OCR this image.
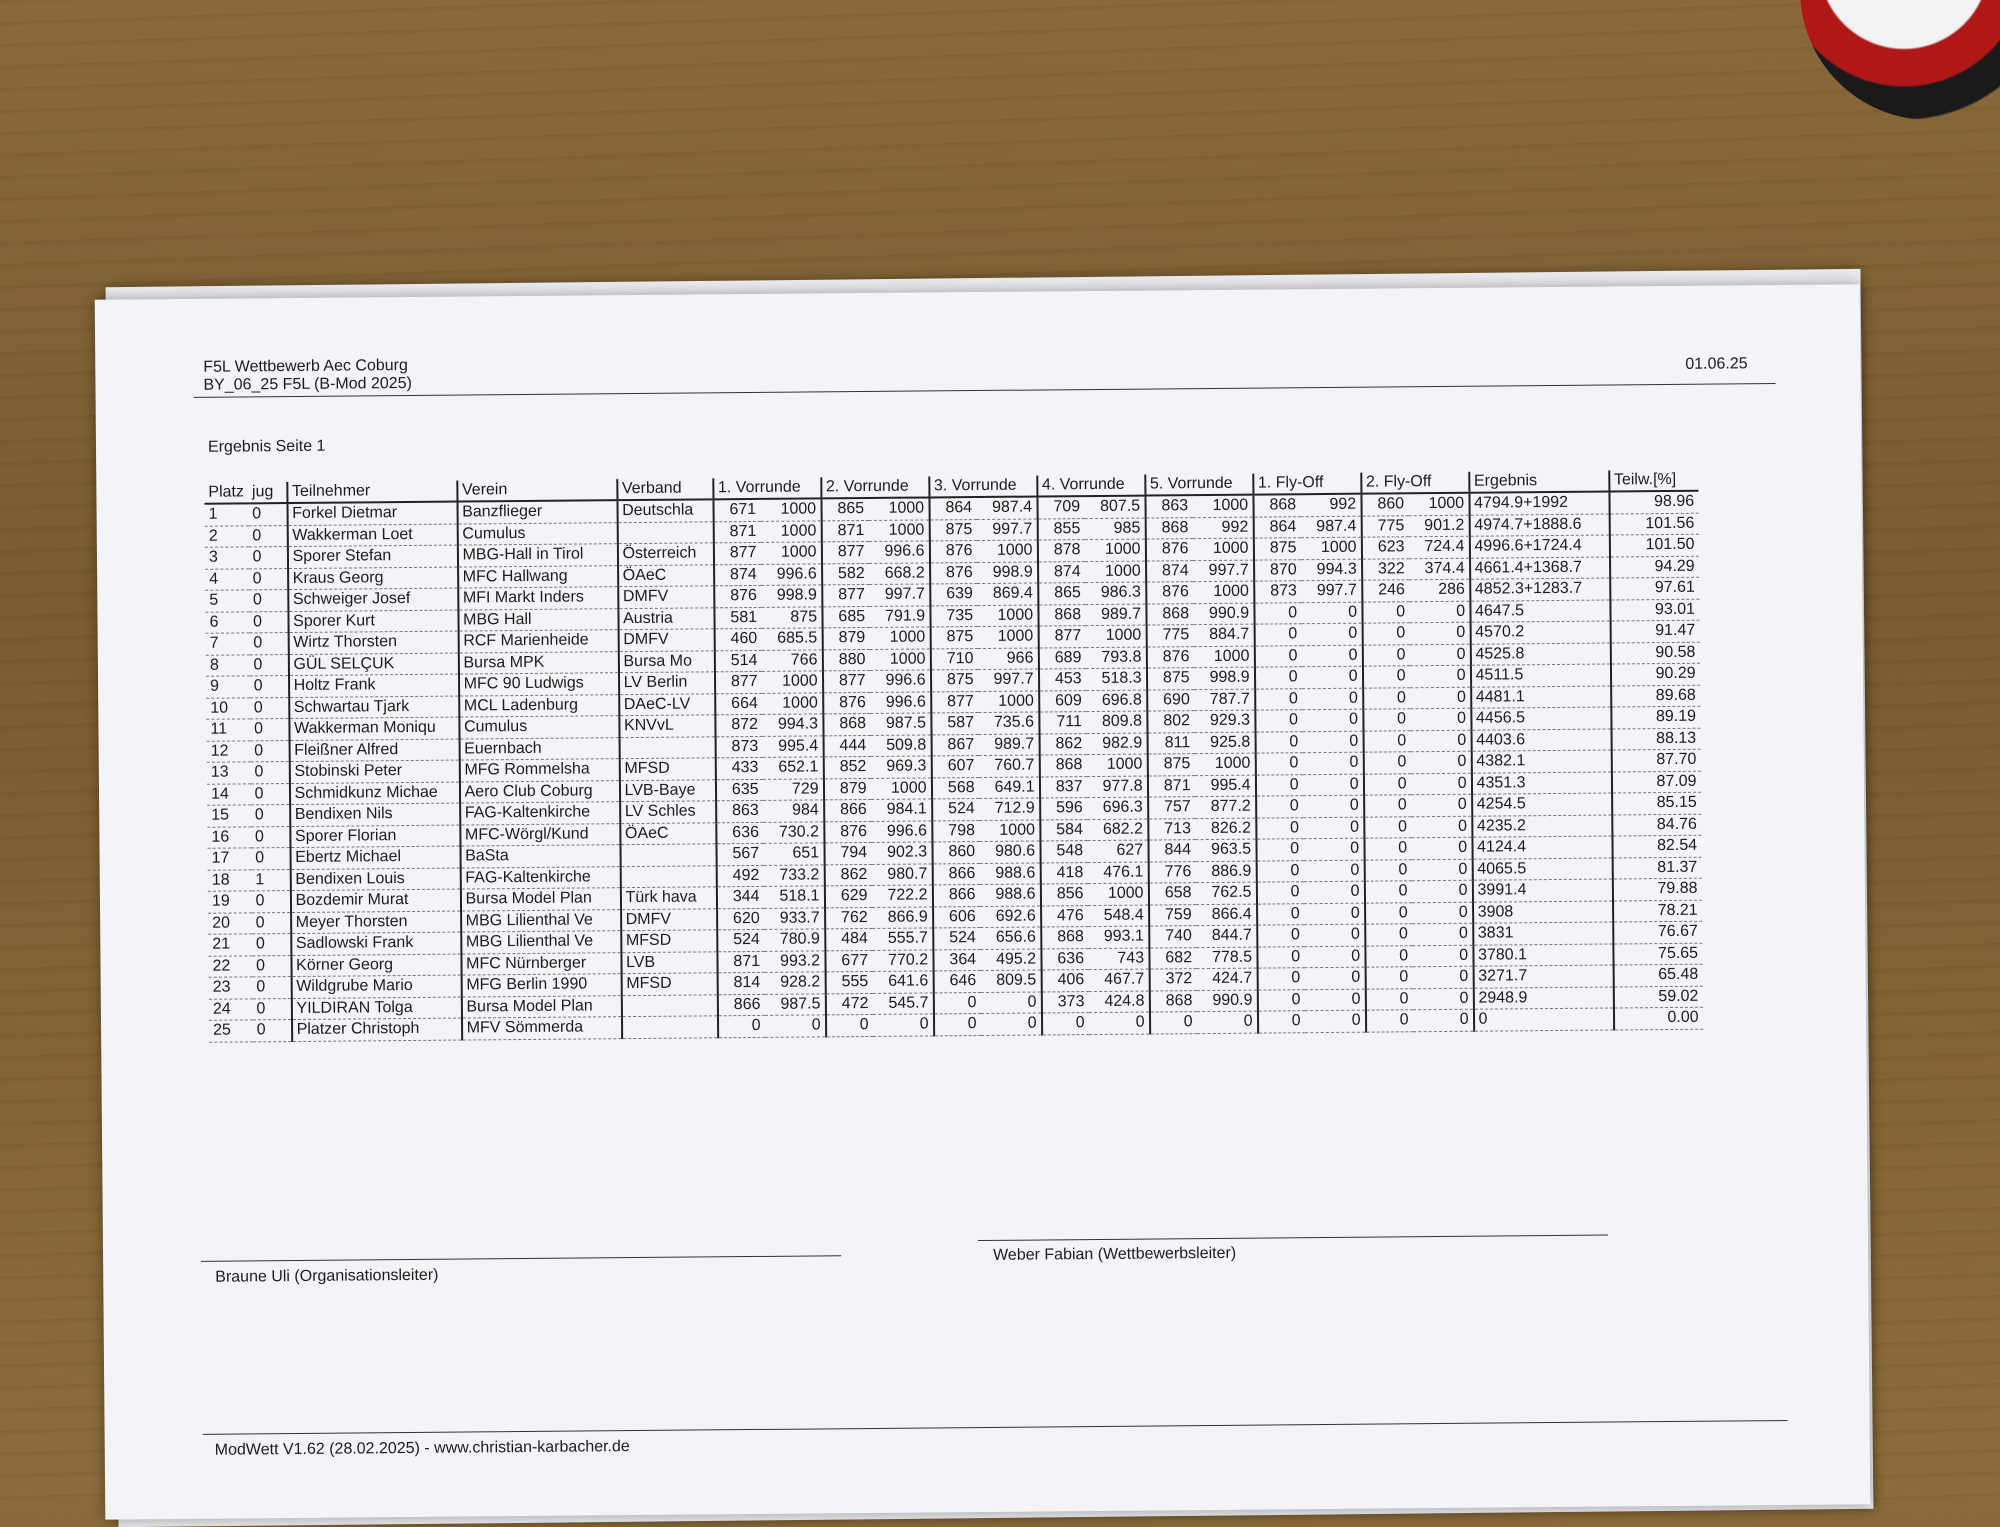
F5L Wettbewerb Aec Coburg
BY_06_25 F5L (B-Mod 2025)
01.06.25
Ergebnis Seite 1
Platz	jug	Teilnehmer	Verein	Verband	1. Vorrunde		2. Vorrunde		3. Vorrunde		4. Vorrunde		5. Vorrunde		1. Fly-Off		2. Fly-Off		Ergebnis	Teilw.[%]
1	0	Forkel Dietmar	Banzflieger	Deutschla	671	1000	865	1000	864	987.4	709	807.5	863	1000	868	992	860	1000	4794.9+1992	98.96
2	0	Wakkerman Loet	Cumulus		871	1000	871	1000	875	997.7	855	985	868	992	864	987.4	775	901.2	4974.7+1888.6	101.56
3	0	Sporer Stefan	MBG-Hall in Tirol	Österreich	877	1000	877	996.6	876	1000	878	1000	876	1000	875	1000	623	724.4	4996.6+1724.4	101.50
4	0	Kraus Georg	MFC Hallwang	ÖAeC	874	996.6	582	668.2	876	998.9	874	1000	874	997.7	870	994.3	322	374.4	4661.4+1368.7	94.29
5	0	Schweiger Josef	MFI Markt Inders	DMFV	876	998.9	877	997.7	639	869.4	865	986.3	876	1000	873	997.7	246	286	4852.3+1283.7	97.61
6	0	Sporer Kurt	MBG Hall	Austria	581	875	685	791.9	735	1000	868	989.7	868	990.9	0	0	0	0	4647.5	93.01
7	0	Wirtz Thorsten	RCF Marienheide	DMFV	460	685.5	879	1000	875	1000	877	1000	775	884.7	0	0	0	0	4570.2	91.47
8	0	GÜL SELÇUK	Bursa MPK	Bursa Mo	514	766	880	1000	710	966	689	793.8	876	1000	0	0	0	0	4525.8	90.58
9	0	Holtz Frank	MFC 90 Ludwigs	LV Berlin	877	1000	877	996.6	875	997.7	453	518.3	875	998.9	0	0	0	0	4511.5	90.29
10	0	Schwartau Tjark	MCL Ladenburg	DAeC-LV	664	1000	876	996.6	877	1000	609	696.8	690	787.7	0	0	0	0	4481.1	89.68
11	0	Wakkerman Moniqu	Cumulus	KNVvL	872	994.3	868	987.5	587	735.6	711	809.8	802	929.3	0	0	0	0	4456.5	89.19
12	0	Fleißner Alfred	Euernbach		873	995.4	444	509.8	867	989.7	862	982.9	811	925.8	0	0	0	0	4403.6	88.13
13	0	Stobinski Peter	MFG Rommelsha	MFSD	433	652.1	852	969.3	607	760.7	868	1000	875	1000	0	0	0	0	4382.1	87.70
14	0	Schmidkunz Michae	Aero Club Coburg	LVB-Baye	635	729	879	1000	568	649.1	837	977.8	871	995.4	0	0	0	0	4351.3	87.09
15	0	Bendixen Nils	FAG-Kaltenkirche	LV Schles	863	984	866	984.1	524	712.9	596	696.3	757	877.2	0	0	0	0	4254.5	85.15
16	0	Sporer Florian	MFC-Wörgl/Kund	ÖAeC	636	730.2	876	996.6	798	1000	584	682.2	713	826.2	0	0	0	0	4235.2	84.76
17	0	Ebertz Michael	BaSta		567	651	794	902.3	860	980.6	548	627	844	963.5	0	0	0	0	4124.4	82.54
18	1	Bendixen Louis	FAG-Kaltenkirche		492	733.2	862	980.7	866	988.6	418	476.1	776	886.9	0	0	0	0	4065.5	81.37
19	0	Bozdemir Murat	Bursa Model Plan	Türk hava	344	518.1	629	722.2	866	988.6	856	1000	658	762.5	0	0	0	0	3991.4	79.88
20	0	Meyer Thorsten	MBG Lilienthal Ve	DMFV	620	933.7	762	866.9	606	692.6	476	548.4	759	866.4	0	0	0	0	3908	78.21
21	0	Sadlowski Frank	MBG Lilienthal Ve	MFSD	524	780.9	484	555.7	524	656.6	868	993.1	740	844.7	0	0	0	0	3831	76.67
22	0	Körner Georg	MFC Nürnberger	LVB	871	993.2	677	770.2	364	495.2	636	743	682	778.5	0	0	0	0	3780.1	75.65
23	0	Wildgrube Mario	MFG Berlin 1990	MFSD	814	928.2	555	641.6	646	809.5	406	467.7	372	424.7	0	0	0	0	3271.7	65.48
24	0	YILDIRAN Tolga	Bursa Model Plan		866	987.5	472	545.7	0	0	373	424.8	868	990.9	0	0	0	0	2948.9	59.02
25	0	Platzer Christoph	MFV Sömmerda		0	0	0	0	0	0	0	0	0	0	0	0	0	0	0	0.00
Braune Uli (Organisationsleiter)
Weber Fabian (Wettbewerbsleiter)
ModWett V1.62 (28.02.2025) - www.christian-karbacher.de
